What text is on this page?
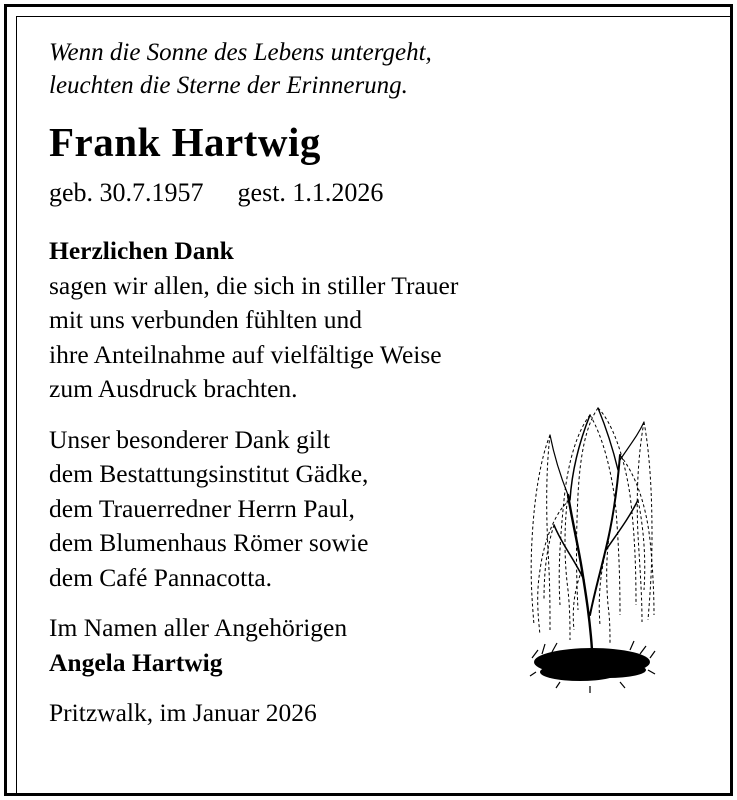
Wenn die Sonne des Lebens untergeht,
leuchten die Sterne der Erinnerung.

Frank Hartwig

geb. 30.7.1957 gest. 1.1.2026

Herzlichen Dank
sagen wir allen, die sich in stiller Trauer
mit uns verbunden fühlten und
ihre Anteilnahme auf vielfältige Weise
zum Ausdruck brachten.

Unser besonderer Dank gilt
dem Bestattungsinstitut Gädke,
dem Trauerredner Herrn Paul,
dem Blumenhaus Römer sowie
dem Café Pannacotta.

Im Namen aller Angehörigen
Angela Hartwig

Pritzwalk, im Januar 2026
